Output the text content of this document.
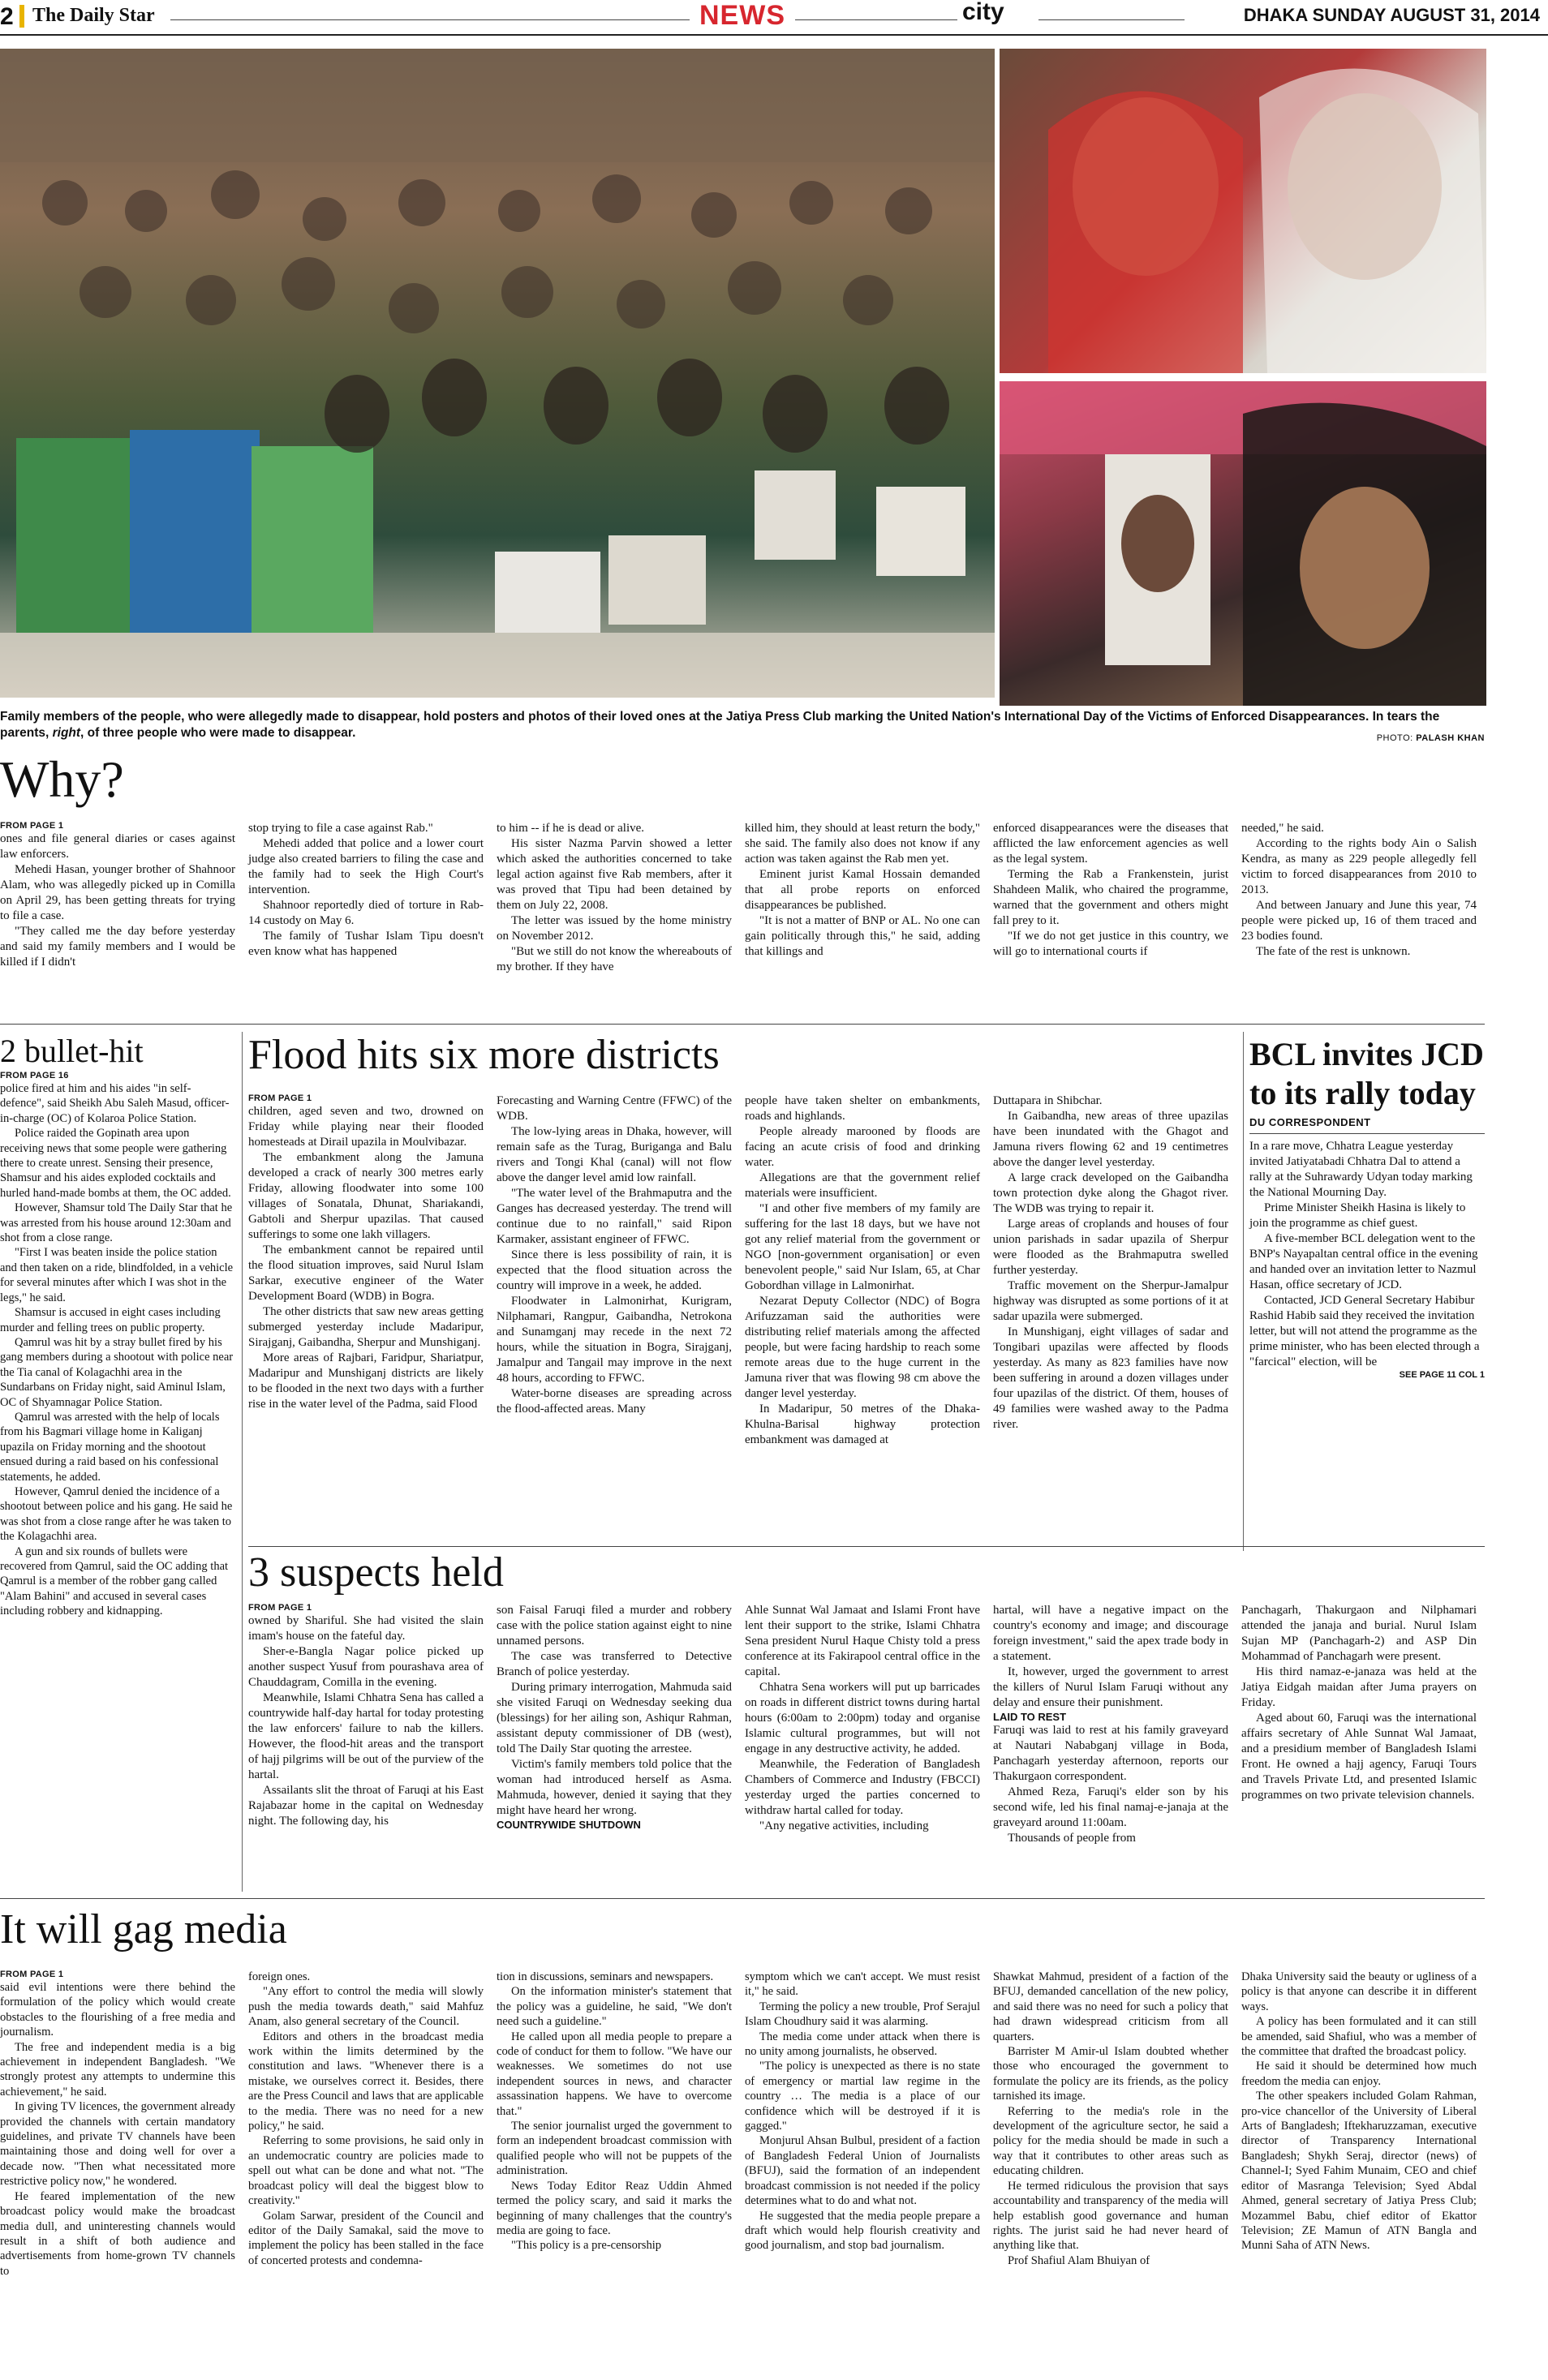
2 The Daily Star	NEWS	city	DHAKA SUNDAY AUGUST 31, 2014
Family members of the people, who were allegedly made to disappear, hold posters and photos of their loved ones at the Jatiya Press Club marking the United Nation's International Day of the Victims of Enforced Disappearances. In tears the parents, right, of three people who were made to disappear.	PHOTO: PALASH KHAN
Why?
FROM PAGE 1

ones and file general diaries or cases against law enforcers.

Mehedi Hasan, younger brother of Shahnoor Alam, who was allegedly picked up in Comilla on April 29, has been getting threats for trying to file a case.

"They called me the day before yesterday and said my family members and I would be killed if I didn't

stop trying to file a case against Rab."

Mehedi added that police and a lower court judge also created barriers to filing the case and the family had to seek the High Court's intervention.

Shahnoor reportedly died of torture in Rab-14 custody on May 6.

The family of Tushar Islam Tipu doesn't even know what has happened

to him -- if he is dead or alive.

His sister Nazma Parvin showed a letter which asked the authorities concerned to take legal action against five Rab members, after it was proved that Tipu had been detained by them on July 22, 2008.

The letter was issued by the home ministry on November 2012.

"But we still do not know the whereabouts of my brother. If they have

killed him, they should at least return the body," she said. The family also does not know if any action was taken against the Rab men yet.

Eminent jurist Kamal Hossain demanded that all probe reports on enforced disappearances be published.

"It is not a matter of BNP or AL. No one can gain politically through this," he said, adding that killings and

enforced disappearances were the diseases that afflicted the law enforcement agencies as well as the legal system.

Terming the Rab a Frankenstein, jurist Shahdeen Malik, who chaired the programme, warned that the government and others might fall prey to it.

"If we do not get justice in this country, we will go to international courts if

needed," he said.

According to the rights body Ain o Salish Kendra, as many as 229 people allegedly fell victim to forced disappearances from 2010 to 2013.

And between January and June this year, 74 people were picked up, 16 of them traced and 23 bodies found.

The fate of the rest is unknown.

2 bullet-hit
FROM PAGE 16

police fired at him and his aides "in self-defence", said Sheikh Abu Saleh Masud, officer-in-charge (OC) of Kolaroa Police Station.

Police raided the Gopinath area upon receiving news that some people were gathering there to create unrest. Sensing their presence, Shamsur and his aides exploded cocktails and hurled hand-made bombs at them, the OC added.

However, Shamsur told The Daily Star that he was arrested from his house around 12:30am and shot from a close range.

"First I was beaten inside the police station and then taken on a ride, blindfolded, in a vehicle for several minutes after which I was shot in the legs," he said.

Shamsur is accused in eight cases including murder and felling trees on public property.

Qamrul was hit by a stray bullet fired by his gang members during a shootout with police near the Tia canal of Kolagachhi area in the Sundarbans on Friday night, said Aminul Islam, OC of Shyamnagar Police Station.

Qamrul was arrested with the help of locals from his Bagmari village home in Kaliganj upazila on Friday morning and the shootout ensued during a raid based on his confessional statements, he added.

However, Qamrul denied the incidence of a shootout between police and his gang. He said he was shot from a close range after he was taken to the Kolagachhi area.

A gun and six rounds of bullets were recovered from Qamrul, said the OC adding that Qamrul is a member of the robber gang called "Alam Bahini" and accused in several cases including robbery and kidnapping.

Flood hits six more districts
FROM PAGE 1

children, aged seven and two, drowned on Friday while playing near their flooded homesteads at Dirail upazila in Moulvibazar.

The embankment along the Jamuna developed a crack of nearly 300 metres early Friday, allowing floodwater into some 100 villages of Sonatala, Dhunat, Shariakandi, Gabtoli and Sherpur upazilas. That caused sufferings to some one lakh villagers.

The embankment cannot be repaired until the flood situation improves, said Nurul Islam Sarkar, executive engineer of the Water Development Board (WDB) in Bogra.

The other districts that saw new areas getting submerged yesterday include Madaripur, Sirajganj, Gaibandha, Sherpur and Munshiganj.

More areas of Rajbari, Faridpur, Shariatpur, Madaripur and Munshiganj districts are likely to be flooded in the next two days with a further rise in the water level of the Padma, said Flood

Forecasting and Warning Centre (FFWC) of the WDB.

The low-lying areas in Dhaka, however, will remain safe as the Turag, Buriganga and Balu rivers and Tongi Khal (canal) will not flow above the danger level amid low rainfall.

"The water level of the Brahmaputra and the Ganges has decreased yesterday. The trend will continue due to no rainfall," said Ripon Karmaker, assistant engineer of FFWC.

Since there is less possibility of rain, it is expected that the flood situation across the country will improve in a week, he added.

Floodwater in Lalmonirhat, Kurigram, Nilphamari, Rangpur, Gaibandha, Netrokona and Sunamganj may recede in the next 72 hours, while the situation in Bogra, Sirajganj, Jamalpur and Tangail may improve in the next 48 hours, according to FFWC.

Water-borne diseases are spreading across the flood-affected areas. Many

people have taken shelter on embankments, roads and highlands.

People already marooned by floods are facing an acute crisis of food and drinking water.

Allegations are that the government relief materials were insufficient.

"I and other five members of my family are suffering for the last 18 days, but we have not got any relief material from the government or NGO [non-government organisation] or even benevolent people," said Nur Islam, 65, at Char Gobordhan village in Lalmonirhat.

Nezarat Deputy Collector (NDC) of Bogra Arifuzzaman said the authorities were distributing relief materials among the affected people, but were facing hardship to reach some remote areas due to the huge current in the Jamuna river that was flowing 98 cm above the danger level yesterday.

In Madaripur, 50 metres of the Dhaka-Khulna-Barisal highway protection embankment was damaged at

Duttapara in Shibchar.

In Gaibandha, new areas of three upazilas have been inundated with the Ghagot and Jamuna rivers flowing 62 and 19 centimetres above the danger level yesterday.

A large crack developed on the Gaibandha town protection dyke along the Ghagot river. The WDB was trying to repair it.

Large areas of croplands and houses of four union parishads in sadar upazila of Sherpur were flooded as the Brahmaputra swelled further yesterday.

Traffic movement on the Sherpur-Jamalpur highway was disrupted as some portions of it at sadar upazila were submerged.

In Munshiganj, eight villages of sadar and Tongibari upazilas were affected by floods yesterday. As many as 823 families have now been suffering in around a dozen villages under four upazilas of the district. Of them, houses of 49 families were washed away to the Padma river.

BCL invites JCD to its rally today
DU CORRESPONDENT

In a rare move, Chhatra League yesterday invited Jatiyatabadi Chhatra Dal to attend a rally at the Suhrawardy Udyan today marking the National Mourning Day.

Prime Minister Sheikh Hasina is likely to join the programme as chief guest.

A five-member BCL delegation went to the BNP's Nayapaltan central office in the evening and handed over an invitation letter to Nazmul Hasan, office secretary of JCD.

Contacted, JCD General Secretary Habibur Rashid Habib said they received the invitation letter, but will not attend the programme as the prime minister, who has been elected through a "farcical" election, will be

SEE PAGE 11 COL 1
3 suspects held
FROM PAGE 1

owned by Shariful. She had visited the slain imam's house on the fateful day.

Sher-e-Bangla Nagar police picked up another suspect Yusuf from pourashava area of Chauddagram, Comilla in the evening.

Meanwhile, Islami Chhatra Sena has called a countrywide half-day hartal for today protesting the law enforcers' failure to nab the killers. However, the flood-hit areas and the transport of hajj pilgrims will be out of the purview of the hartal.

Assailants slit the throat of Faruqi at his East Rajabazar home in the capital on Wednesday night. The following day, his

son Faisal Faruqi filed a murder and robbery case with the police station against eight to nine unnamed persons.

The case was transferred to Detective Branch of police yesterday.

During primary interrogation, Mahmuda said she visited Faruqi on Wednesday seeking dua (blessings) for her ailing son, Ashiqur Rahman, assistant deputy commissioner of DB (west), told The Daily Star quoting the arrestee.

Victim's family members told police that the woman had introduced herself as Asma. Mahmuda, however, denied it saying that they might have heard her wrong.

COUNTRYWIDE SHUTDOWN

Ahle Sunnat Wal Jamaat and Islami Front have lent their support to the strike, Islami Chhatra Sena president Nurul Haque Chisty told a press conference at its Fakirapool central office in the capital.

Chhatra Sena workers will put up barricades on roads in different district towns during hartal hours (6:00am to 2:00pm) today and organise Islamic cultural programmes, but will not engage in any destructive activity, he added.

Meanwhile, the Federation of Bangladesh Chambers of Commerce and Industry (FBCCI) yesterday urged the parties concerned to withdraw hartal called for today.

"Any negative activities, including

hartal, will have a negative impact on the country's economy and image; and discourage foreign investment," said the apex trade body in a statement.

It, however, urged the government to arrest the killers of Nurul Islam Faruqi without any delay and ensure their punishment.

LAID TO REST

Faruqi was laid to rest at his family graveyard at Nautari Nababganj village in Boda, Panchagarh yesterday afternoon, reports our Thakurgaon correspondent.

Ahmed Reza, Faruqi's elder son by his second wife, led his final namaj-e-janaja at the graveyard around 11:00am.

Thousands of people from

Panchagarh, Thakurgaon and Nilphamari attended the janaja and burial. Nurul Islam Sujan MP (Panchagarh-2) and ASP Din Mohammad of Panchagarh were present.

His third namaz-e-janaza was held at the Jatiya Eidgah maidan after Juma prayers on Friday.

Aged about 60, Faruqi was the international affairs secretary of Ahle Sunnat Wal Jamaat, and a presidium member of Bangladesh Islami Front. He owned a hajj agency, Faruqi Tours and Travels Private Ltd, and presented Islamic programmes on two private television channels.

It will gag media
FROM PAGE 1

said evil intentions were there behind the formulation of the policy which would create obstacles to the flourishing of a free media and journalism.

The free and independent media is a big achievement in independent Bangladesh. "We strongly protest any attempts to undermine this achievement," he said.

In giving TV licences, the government already provided the channels with certain mandatory guidelines, and private TV channels have been maintaining those and doing well for over a decade now. "Then what necessitated more restrictive policy now," he wondered.

He feared implementation of the new broadcast policy would make the broadcast media dull, and uninteresting channels would result in a shift of both audience and advertisements from home-grown TV channels to

foreign ones.

"Any effort to control the media will slowly push the media towards death," said Mahfuz Anam, also general secretary of the Council.

Editors and others in the broadcast media work within the limits determined by the constitution and laws. "Whenever there is a mistake, we ourselves correct it. Besides, there are the Press Council and laws that are applicable to the media. There was no need for a new policy," he said.

Referring to some provisions, he said only in an undemocratic country are policies made to spell out what can be done and what not. "The broadcast policy will deal the biggest blow to creativity."

Golam Sarwar, president of the Council and editor of the Daily Samakal, said the move to implement the policy has been stalled in the face of concerted protests and condemna-

tion in discussions, seminars and newspapers.

On the information minister's statement that the policy was a guideline, he said, "We don't need such a guideline."

He called upon all media people to prepare a code of conduct for them to follow. "We have our weaknesses. We sometimes do not use independent sources in news, and character assassination happens. We have to overcome that."

The senior journalist urged the government to form an independent broadcast commission with qualified people who will not be puppets of the administration.

News Today Editor Reaz Uddin Ahmed termed the policy scary, and said it marks the beginning of many challenges that the country's media are going to face.

"This policy is a pre-censorship

symptom which we can't accept. We must resist it," he said.

Terming the policy a new trouble, Prof Serajul Islam Choudhury said it was alarming.

The media come under attack when there is no unity among journalists, he observed.

"The policy is unexpected as there is no state of emergency or martial law regime in the country … The media is a place of our confidence which will be destroyed if it is gagged."

Monjurul Ahsan Bulbul, president of a faction of Bangladesh Federal Union of Journalists (BFUJ), said the formation of an independent broadcast commission is not needed if the policy determines what to do and what not.

He suggested that the media people prepare a draft which would help flourish creativity and good journalism, and stop bad journalism.

Shawkat Mahmud, president of a faction of the BFUJ, demanded cancellation of the new policy, and said there was no need for such a policy that had drawn widespread criticism from all quarters.

Barrister M Amir-ul Islam doubted whether those who encouraged the government to formulate the policy are its friends, as the policy tarnished its image.

Referring to the media's role in the development of the agriculture sector, he said a policy for the media should be made in such a way that it contributes to other areas such as educating children.

He termed ridiculous the provision that says accountability and transparency of the media will help establish good governance and human rights. The jurist said he had never heard of anything like that.

Prof Shafiul Alam Bhuiyan of

Dhaka University said the beauty or ugliness of a policy is that anyone can describe it in different ways.

A policy has been formulated and it can still be amended, said Shafiul, who was a member of the committee that drafted the broadcast policy.

He said it should be determined how much freedom the media can enjoy.

The other speakers included Golam Rahman, pro-vice chancellor of the University of Liberal Arts of Bangladesh; Iftekharuzzaman, executive director of Transparency International Bangladesh; Shykh Seraj, director (news) of Channel-I; Syed Fahim Munaim, CEO and chief editor of Masranga Television; Syed Abdal Ahmed, general secretary of Jatiya Press Club; Mozammel Babu, chief editor of Ekattor Television; ZE Mamun of ATN Bangla and Munni Saha of ATN News.
